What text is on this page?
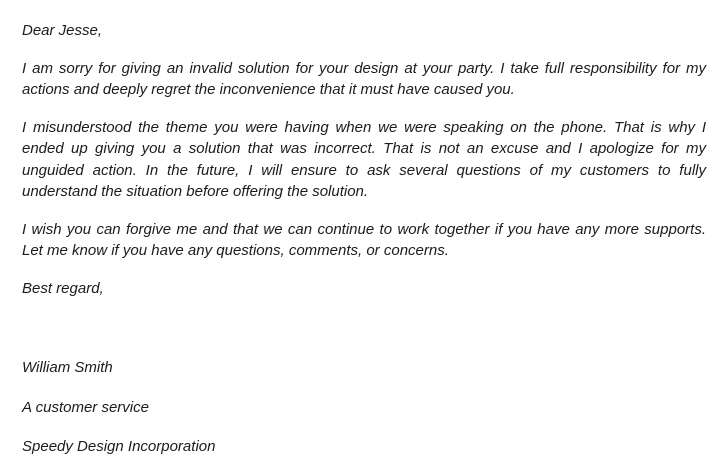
Dear Jesse,

I am sorry for giving an invalid solution for your design at your party. I take full responsibility for my actions and deeply regret the inconvenience that it must have caused you.

I misunderstood the theme you were having when we were speaking on the phone. That is why I ended up giving you a solution that was incorrect. That is not an excuse and I apologize for my unguided action. In the future, I will ensure to ask several questions of my customers to fully understand the situation before offering the solution.

I wish you can forgive me and that we can continue to work together if you have any more supports. Let me know if you have any questions, comments, or concerns.

Best regard,

William Smith

A customer service

Speedy Design Incorporation
